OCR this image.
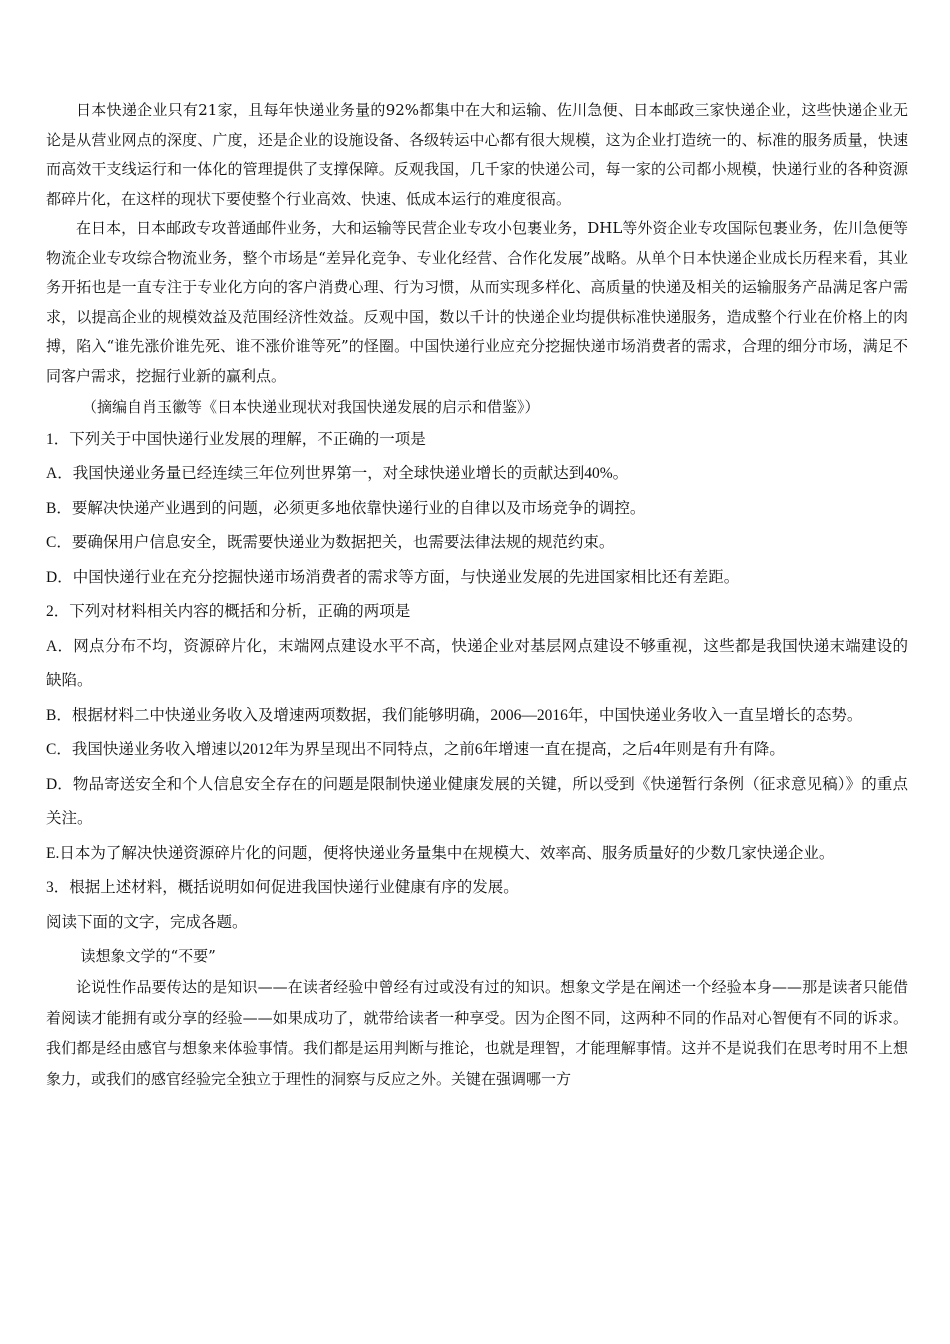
日本快递企业只有21家，且每年快递业务量的92%都集中在大和运输、佐川急便、日本邮政三家快递企业，这些快递企业无论是从营业网点的深度、广度，还是企业的设施设备、各级转运中心都有很大规模，这为企业打造统一的、标准的服务质量，快速而高效干支线运行和一体化的管理提供了支撑保障。反观我国，几千家的快递公司，每一家的公司都小规模，快递行业的各种资源都碎片化，在这样的现状下要使整个行业高效、快速、低成本运行的难度很高。

在日本，日本邮政专攻普通邮件业务，大和运输等民营企业专攻小包裹业务，DHL等外资企业专攻国际包裹业务，佐川急便等物流企业专攻综合物流业务，整个市场是“差异化竞争、专业化经营、合作化发展”战略。从单个日本快递企业成长历程来看，其业务开拓也是一直专注于专业化方向的客户消费心理、行为习惯，从而实现多样化、高质量的快递及相关的运输服务产品满足客户需求，以提高企业的规模效益及范围经济性效益。反观中国，数以千计的快递企业均提供标准快递服务，造成整个行业在价格上的肉搏，陷入“谁先涨价谁先死、谁不涨价谁等死”的怪圈。中国快递行业应充分挖掘快递市场消费者的需求，合理的细分市场，满足不同客户需求，挖掘行业新的赢利点。

（摘编自肖玉徽等《日本快递业现状对我国快递发展的启示和借鉴》）

1．下列关于中国快递行业发展的理解，不正确的一项是

A．我国快递业务量已经连续三年位列世界第一，对全球快递业增长的贡献达到40%。

B．要解决快递产业遇到的问题，必须更多地依靠快递行业的自律以及市场竞争的调控。

C．要确保用户信息安全，既需要快递业为数据把关，也需要法律法规的规范约束。

D．中国快递行业在充分挖掘快递市场消费者的需求等方面，与快递业发展的先进国家相比还有差距。

2．下列对材料相关内容的概括和分析，正确的两项是

A．网点分布不均，资源碎片化，末端网点建设水平不高，快递企业对基层网点建设不够重视，这些都是我国快递末端建设的缺陷。

B．根据材料二中快递业务收入及增速两项数据，我们能够明确，2006—2016年，中国快递业务收入一直呈增长的态势。

C．我国快递业务收入增速以2012年为界呈现出不同特点，之前6年增速一直在提高，之后4年则是有升有降。

D．物品寄送安全和个人信息安全存在的问题是限制快递业健康发展的关键，所以受到《快递暂行条例（征求意见稿）》的重点关注。

E.日本为了解决快递资源碎片化的问题，便将快递业务量集中在规模大、效率高、服务质量好的少数几家快递企业。

3．根据上述材料，概括说明如何促进我国快递行业健康有序的发展。

阅读下面的文字，完成各题。

读想象文学的“不要”

论说性作品要传达的是知识——在读者经验中曾经有过或没有过的知识。想象文学是在阐述一个经验本身——那是读者只能借着阅读才能拥有或分享的经验——如果成功了，就带给读者一种享受。因为企图不同，这两种不同的作品对心智便有不同的诉求。我们都是经由感官与想象来体验事情。我们都是运用判断与推论，也就是理智，才能理解事情。这并不是说我们在思考时用不上想象力，或我们的感官经验完全独立于理性的洞察与反应之外。关键在强调哪一方
